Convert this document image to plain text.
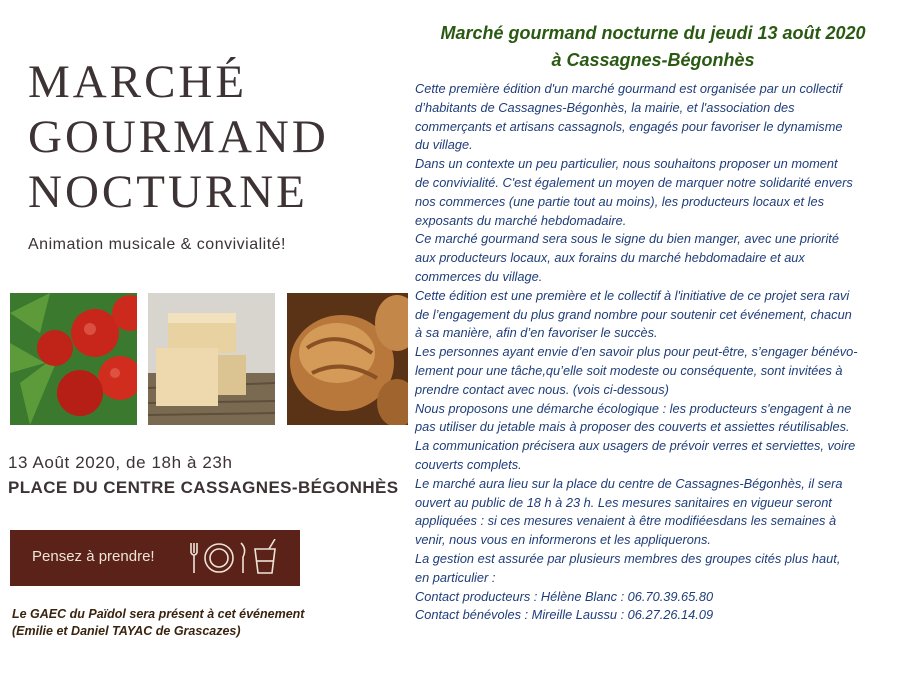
MARCHÉ
GOURMAND
NOCTURNE
Animation musicale & convivialité!
13 Août 2020, de 18h à 23h
PLACE DU CENTRE CASSAGNES-BÉGONHÈS
Pensez à prendre!
Le GAEC du Païdol sera présent à cet événement
(Emilie et Daniel TAYAC de Grascazes)
Marché gourmand nocturne du jeudi 13 août 2020
à Cassagnes-Bégonhès
Cette première édition d'un marché gourmand est organisée par un collectif
d’habitants de Cassagnes-Bégonhès, la mairie, et l'association des
commerçants et artisans cassagnols, engagés pour favoriser le dynamisme
du village.
Dans un contexte un peu particulier, nous souhaitons proposer un moment
de convivialité. C'est également un moyen de marquer notre solidarité envers
nos commerces (une partie tout au moins), les producteurs locaux et les
exposants du marché hebdomadaire.
Ce marché gourmand sera sous le signe du bien manger, avec une priorité
aux producteurs locaux, aux forains du marché hebdomadaire et aux
commerces du village.
Cette édition est une première et le collectif à l'initiative de ce projet sera ravi
de l’engagement du plus grand nombre pour soutenir cet événement, chacun
à sa manière, afin d’en favoriser le succès.
Les personnes ayant envie d’en savoir plus pour peut-être, s’engager bénévo-
lement pour une tâche,qu’elle soit modeste ou conséquente, sont invitées à
prendre contact avec nous. (vois ci-dessous)
Nous proposons une démarche écologique : les producteurs s'engagent à ne
pas utiliser du jetable mais à proposer des couverts et assiettes réutilisables.
La communication précisera aux usagers de prévoir verres et serviettes, voire
couverts complets.
Le marché aura lieu sur la place du centre de Cassagnes-Bégonhès, il sera
ouvert au public de 18 h à 23 h. Les mesures sanitaires en vigueur seront
appliquées : si ces mesures venaient à être modifiéesdans les semaines à
venir, nous vous en informerons et les appliquerons.
La gestion est assurée par plusieurs membres des groupes cités plus haut,
en particulier :
Contact producteurs : Hélène Blanc : 06.70.39.65.80
Contact bénévoles : Mireille Laussu : 06.27.26.14.09
